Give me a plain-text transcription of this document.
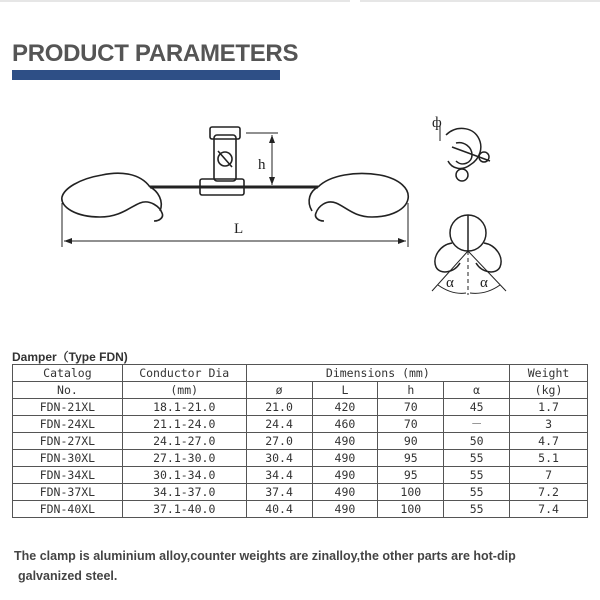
PRODUCT PARAMETERS
h
L
ф
α α
Damper（Type FDN)
Catalog	Conductor Dia	Dimensions (mm)				Weight
No.	(mm)	ø	L	h	α	(kg)
FDN-21XL	18.1-21.0	21.0	420	70	45	1.7
FDN-24XL	21.1-24.0	24.4	460	70	－	3
FDN-27XL	24.1-27.0	27.0	490	90	50	4.7
FDN-30XL	27.1-30.0	30.4	490	95	55	5.1
FDN-34XL	30.1-34.0	34.4	490	95	55	7
FDN-37XL	34.1-37.0	37.4	490	100	55	7.2
FDN-40XL	37.1-40.0	40.4	490	100	55	7.4
The clamp is aluminium alloy,counter weights are zinalloy,the other parts are hot-dip
galvanized steel.
